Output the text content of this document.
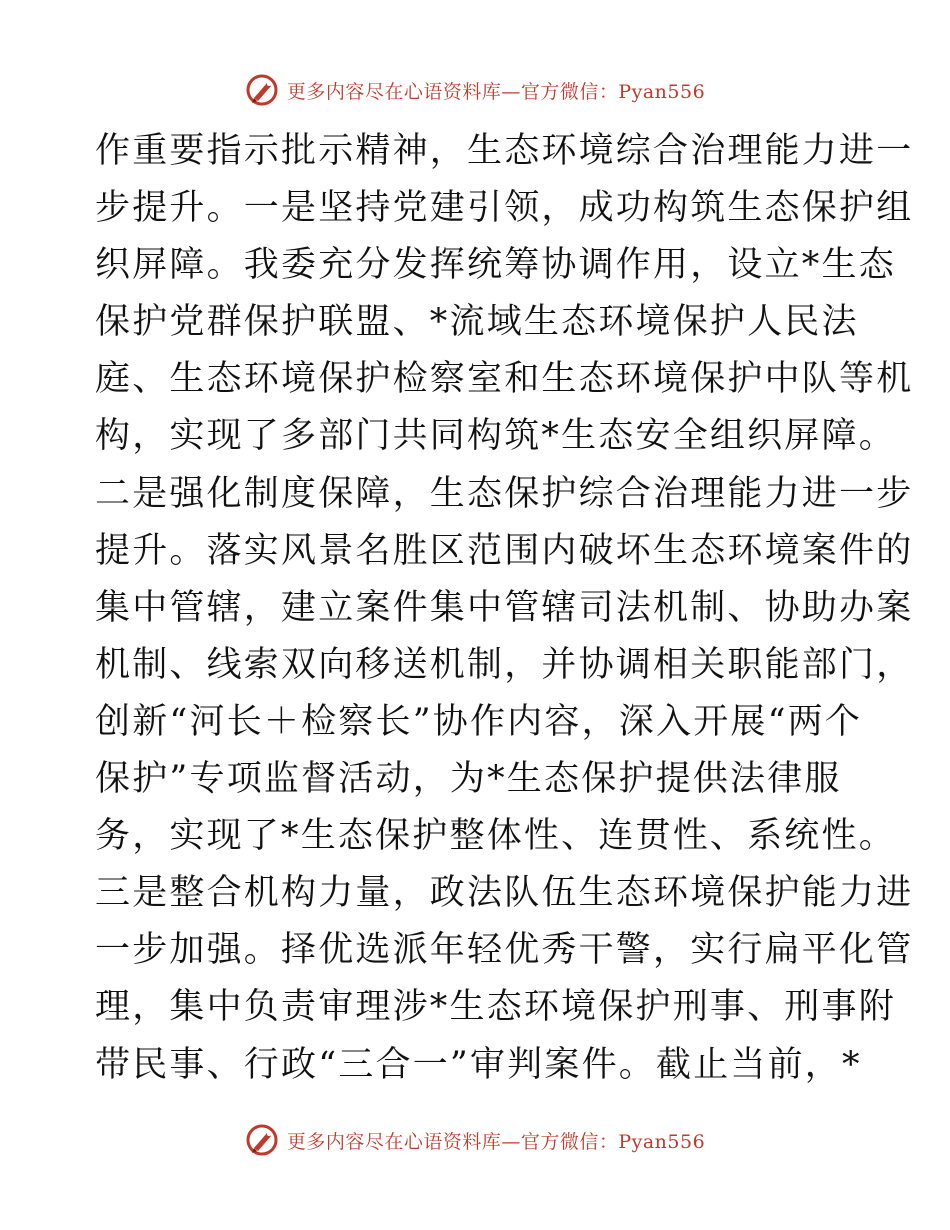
更多内容尽在心语资料库—官方微信：Pyan556
作重要指示批示精神，生态环境综合治理能力进一
步提升。一是坚持党建引领，成功构筑生态保护组
织屏障。我委充分发挥统筹协调作用，设立*生态
保护党群保护联盟、*流域生态环境保护人民法
庭、生态环境保护检察室和生态环境保护中队等机
构，实现了多部门共同构筑*生态安全组织屏障。
二是强化制度保障，生态保护综合治理能力进一步
提升。落实风景名胜区范围内破坏生态环境案件的
集中管辖，建立案件集中管辖司法机制、协助办案
机制、线索双向移送机制，并协调相关职能部门，
创新“河长＋检察长”协作内容，深入开展“两个
保护”专项监督活动，为*生态保护提供法律服
务，实现了*生态保护整体性、连贯性、系统性。
三是整合机构力量，政法队伍生态环境保护能力进
一步加强。择优选派年轻优秀干警，实行扁平化管
理，集中负责审理涉*生态环境保护刑事、刑事附
带民事、行政“三合一”审判案件。截止当前，*
更多内容尽在心语资料库—官方微信：Pyan556
